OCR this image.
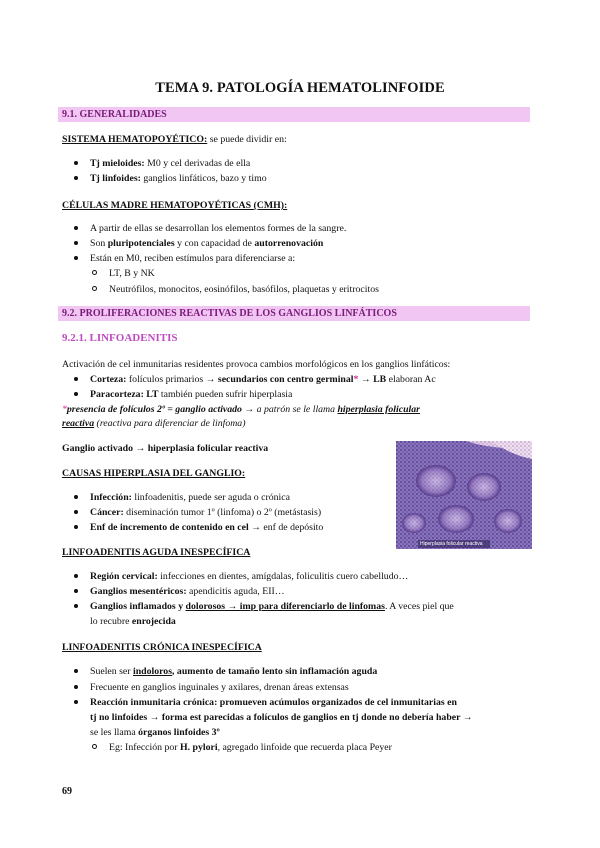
TEMA 9. PATOLOGÍA HEMATOLINFOIDE
9.1. GENERALIDADES
SISTEMA HEMATOPOYÉTICO: se puede dividir en:
Tj mieloides: M0 y cel derivadas de ella
Tj linfoides: ganglios linfáticos, bazo y timo
CÉLULAS MADRE HEMATOPOYÉTICAS (CMH):
A partir de ellas se desarrollan los elementos formes de la sangre.
Son pluripotenciales y con capacidad de autorrenovación
Están en M0, reciben estímulos para diferenciarse a:
LT, B y NK
Neutrófilos, monocitos, eosinófilos, basófilos, plaquetas y eritrocitos
9.2. PROLIFERACIONES REACTIVAS DE LOS GANGLIOS LINFÁTICOS
9.2.1. LINFOADENITIS
Activación de cel inmunitarias residentes provoca cambios morfológicos en los ganglios linfáticos:
Corteza: folículos primarios → secundarios con centro germinal* → LB elaboran Ac
Paracorteza: LT también pueden sufrir hiperplasia
*presencia de folículos 2º = ganglio activado → a patrón se le llama hiperplasia folicular
reactiva (reactiva para diferenciar de linfoma)
Ganglio activado → hiperplasia folicular reactiva
CAUSAS HIPERPLASIA DEL GANGLIO:
Infección: linfoadenitis, puede ser aguda o crónica
Cáncer: diseminación tumor 1º (linfoma) o 2º (metástasis)
Enf de incremento de contenido en cel → enf de depósito
Hiperplasia folicular reactiva
LINFOADENITIS AGUDA INESPECÍFICA
Región cervical: infecciones en dientes, amígdalas, foliculitis cuero cabelludo…
Ganglios mesentéricos: apendicitis aguda, EII…
Ganglios inflamados y dolorosos → imp para diferenciarlo de linfomas. A veces piel que
lo recubre enrojecida
LINFOADENITIS CRÓNICA INESPECÍFICA
Suelen ser indoloros, aumento de tamaño lento sin inflamación aguda
Frecuente en ganglios inguinales y axilares, drenan áreas extensas
Reacción inmunitaria crónica: promueven acúmulos organizados de cel inmunitarias en
tj no linfoides → forma est parecidas a folículos de ganglios en tj donde no debería haber →
se les llama órganos linfoides 3º
Eg: Infección por H. pylori, agregado linfoide que recuerda placa Peyer
69
